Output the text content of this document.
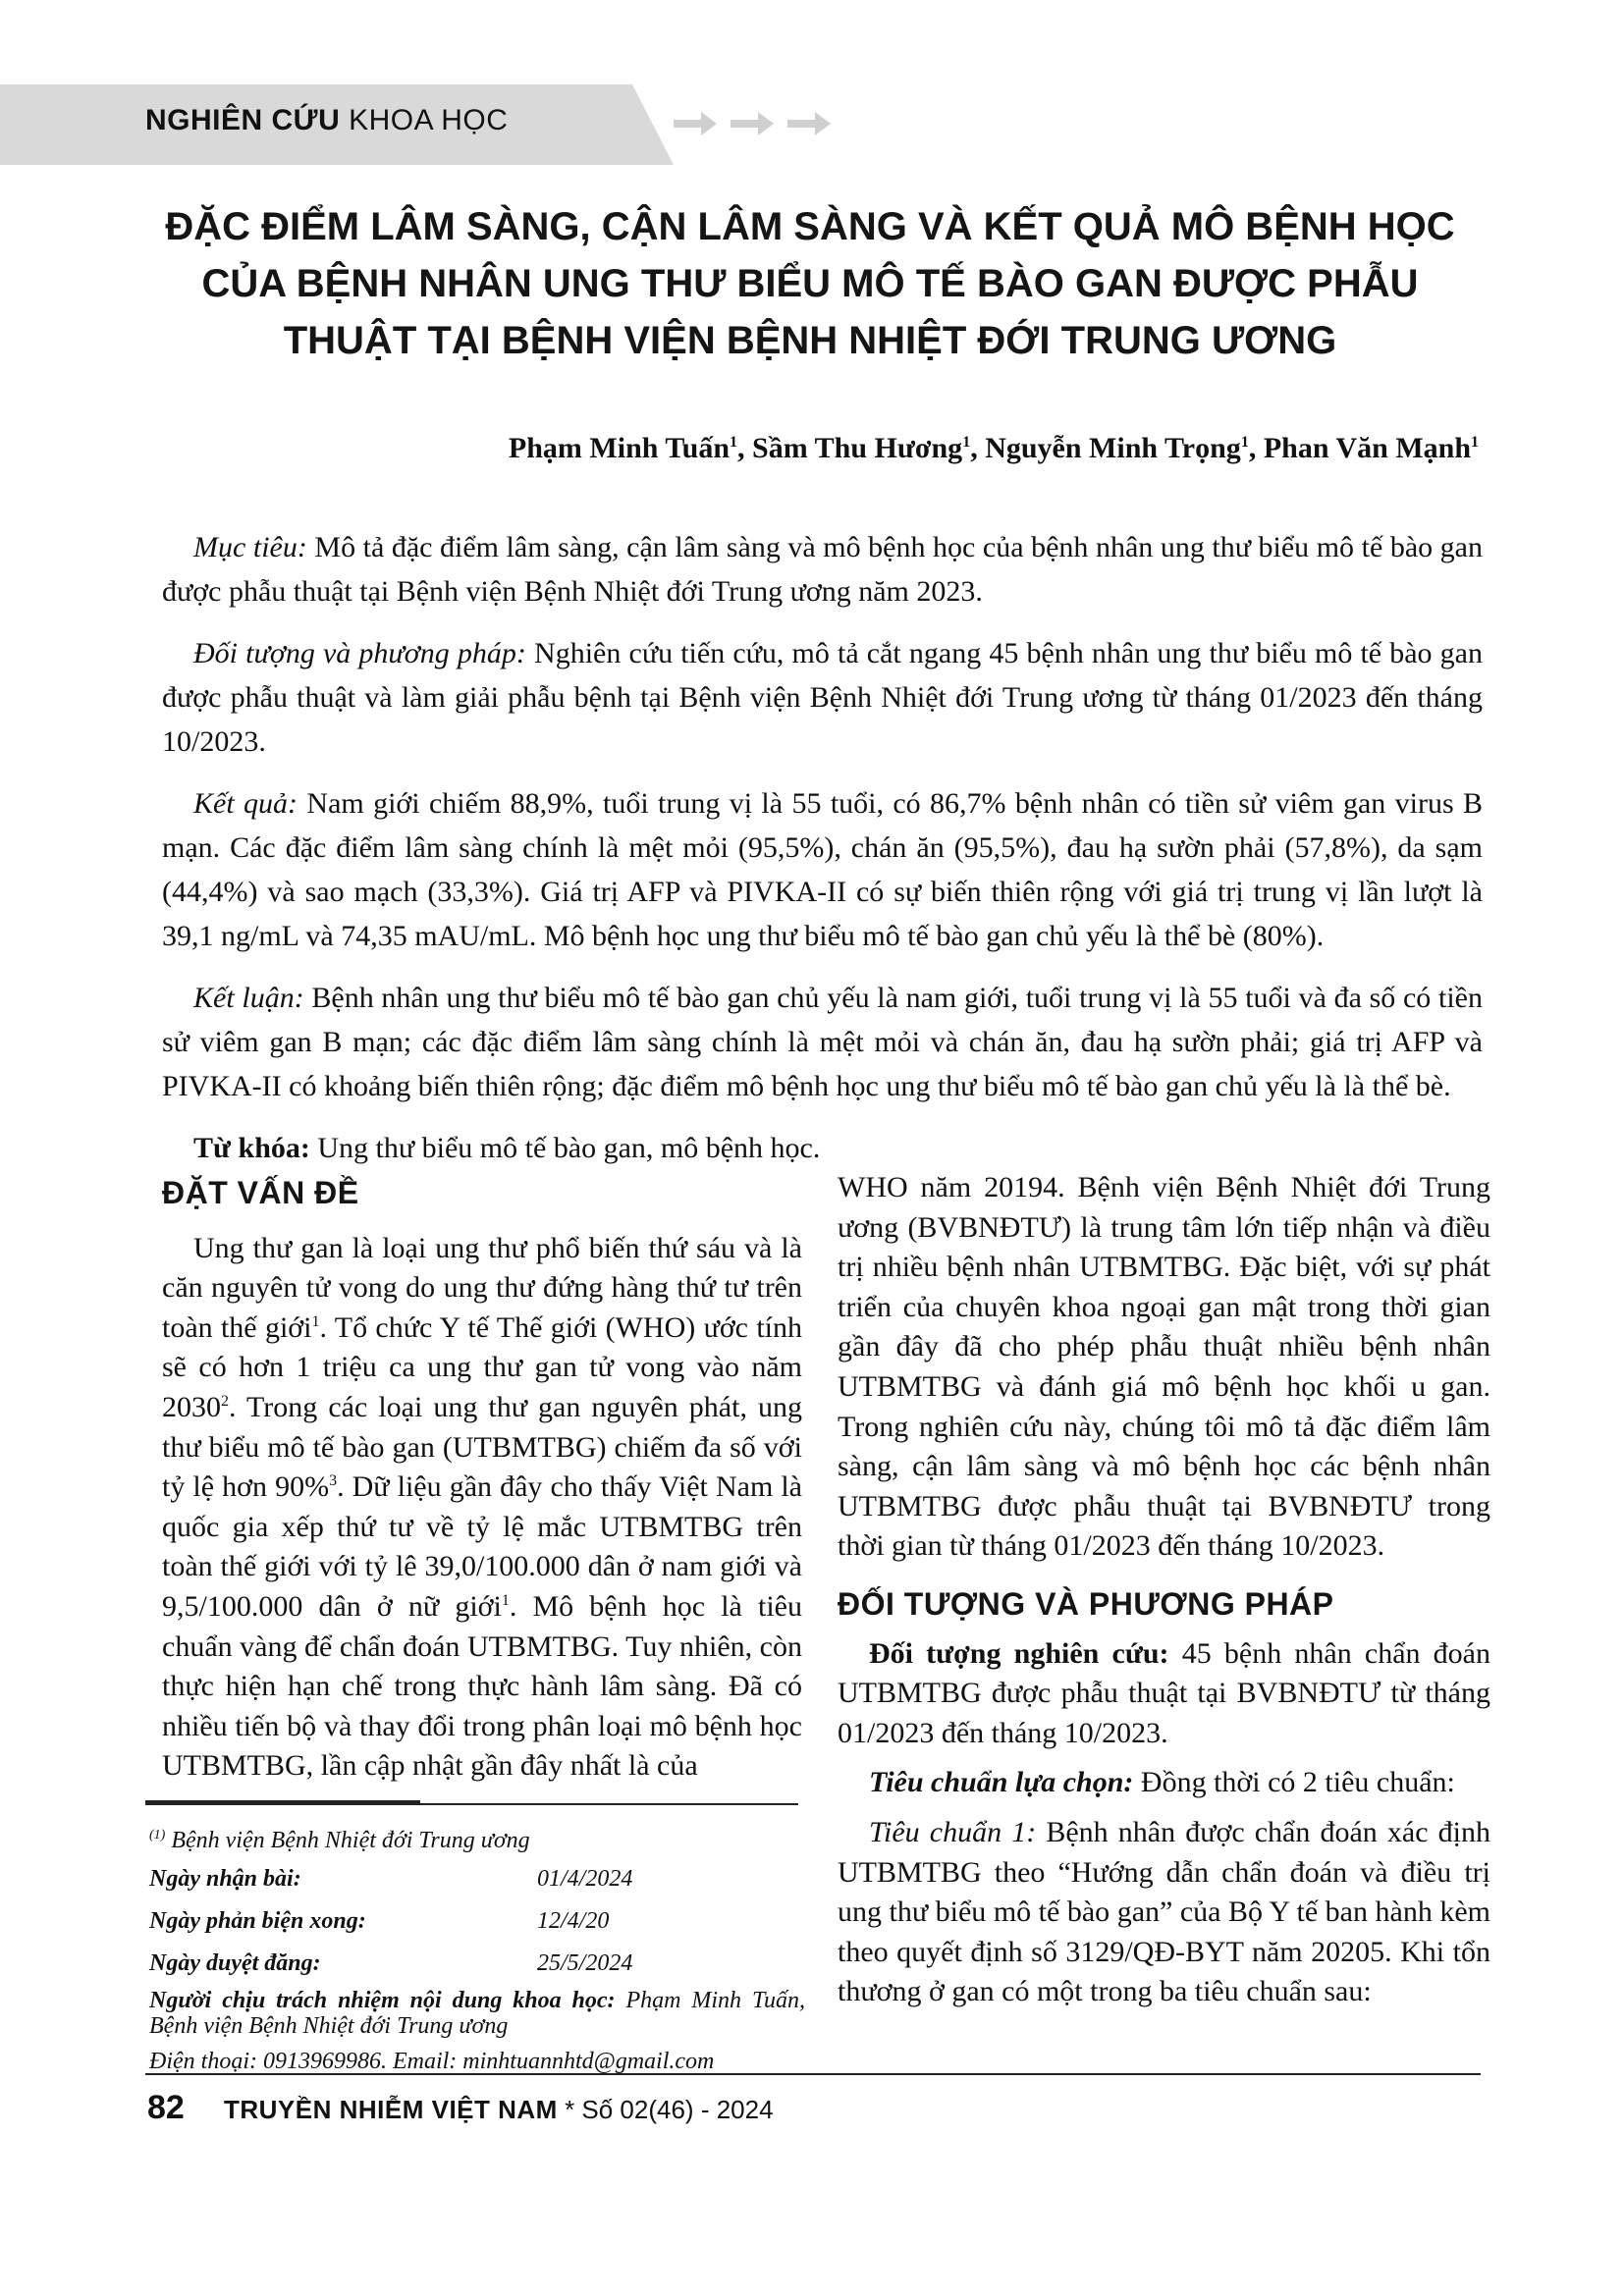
NGHIÊN CỨU KHOA HỌC
ĐẶC ĐIỂM LÂM SÀNG, CẬN LÂM SÀNG VÀ KẾT QUẢ MÔ BỆNH HỌC
CỦA BỆNH NHÂN UNG THƯ BIỂU MÔ TẾ BÀO GAN ĐƯỢC PHẪU
THUẬT TẠI BỆNH VIỆN BỆNH NHIỆT ĐỚI TRUNG ƯƠNG
Phạm Minh Tuấn$^1$, Sầm Thu Hương$^1$, Nguyễn Minh Trọng$^1$, Phan Văn Mạnh$^1$

Mục tiêu: Mô tả đặc điểm lâm sàng, cận lâm sàng và mô bệnh học của bệnh nhân ung thư biểu mô tế bào gan được phẫu thuật tại Bệnh viện Bệnh Nhiệt đới Trung ương năm 2023.

Đối tượng và phương pháp: Nghiên cứu tiến cứu, mô tả cắt ngang 45 bệnh nhân ung thư biểu mô tế bào gan được phẫu thuật và làm giải phẫu bệnh tại Bệnh viện Bệnh Nhiệt đới Trung ương từ tháng 01/2023 đến tháng 10/2023.

Kết quả: Nam giới chiếm 88,9%, tuổi trung vị là 55 tuổi, có 86,7% bệnh nhân có tiền sử viêm gan virus B mạn. Các đặc điểm lâm sàng chính là mệt mỏi (95,5%), chán ăn (95,5%), đau hạ sườn phải (57,8%), da sạm (44,4%) và sao mạch (33,3%). Giá trị AFP và PIVKA-II có sự biến thiên rộng với giá trị trung vị lần lượt là 39,1 ng/mL và 74,35 mAU/mL. Mô bệnh học ung thư biểu mô tế bào gan chủ yếu là thể bè (80%).

Kết luận: Bệnh nhân ung thư biểu mô tế bào gan chủ yếu là nam giới, tuổi trung vị là 55 tuổi và đa số có tiền sử viêm gan B mạn; các đặc điểm lâm sàng chính là mệt mỏi và chán ăn, đau hạ sườn phải; giá trị AFP và PIVKA-II có khoảng biến thiên rộng; đặc điểm mô bệnh học ung thư biểu mô tế bào gan chủ yếu là là thể bè.

Từ khóa: Ung thư biểu mô tế bào gan, mô bệnh học.

ĐẶT VẤN ĐỀ

Ung thư gan là loại ung thư phổ biến thứ sáu và là căn nguyên tử vong do ung thư đứng hàng thứ tư trên toàn thế giới$^1$. Tổ chức Y tế Thế giới (WHO) ước tính sẽ có hơn 1 triệu ca ung thư gan tử vong vào năm 2030$^2$. Trong các loại ung thư gan nguyên phát, ung thư biểu mô tế bào gan (UTBMTBG) chiếm đa số với tỷ lệ hơn 90%$^3$. Dữ liệu gần đây cho thấy Việt Nam là quốc gia xếp thứ tư về tỷ lệ mắc UTBMTBG trên toàn thế giới với tỷ lê 39,0/100.000 dân ở nam giới và 9,5/100.000 dân ở nữ giới$^1$. Mô bệnh học là tiêu chuẩn vàng để chẩn đoán UTBMTBG. Tuy nhiên, còn thực hiện hạn chế trong thực hành lâm sàng. Đã có nhiều tiến bộ và thay đổi trong phân loại mô bệnh học UTBMTBG, lần cập nhật gần đây nhất là của

WHO năm 20194. Bệnh viện Bệnh Nhiệt đới Trung ương (BVBNĐTƯ) là trung tâm lớn tiếp nhận và điều trị nhiều bệnh nhân UTBMTBG. Đặc biệt, với sự phát triển của chuyên khoa ngoại gan mật trong thời gian gần đây đã cho phép phẫu thuật nhiều bệnh nhân UTBMTBG và đánh giá mô bệnh học khối u gan. Trong nghiên cứu này, chúng tôi mô tả đặc điểm lâm sàng, cận lâm sàng và mô bệnh học các bệnh nhân UTBMTBG được phẫu thuật tại BVBNĐTƯ trong thời gian từ tháng 01/2023 đến tháng 10/2023.

ĐỐI TƯỢNG VÀ PHƯƠNG PHÁP

Đối tượng nghiên cứu: 45 bệnh nhân chẩn đoán UTBMTBG được phẫu thuật tại BVBNĐTƯ từ tháng 01/2023 đến tháng 10/2023.

Tiêu chuẩn lựa chọn: Đồng thời có 2 tiêu chuẩn:

Tiêu chuẩn 1: Bệnh nhân được chẩn đoán xác định UTBMTBG theo “Hướng dẫn chẩn đoán và điều trị ung thư biểu mô tế bào gan” của Bộ Y tế ban hành kèm theo quyết định số 3129/QĐ-BYT năm 20205. Khi tổn thương ở gan có một trong ba tiêu chuẩn sau:

$^{(1)}$ Bệnh viện Bệnh Nhiệt đới Trung ương
Ngày nhận bài:	01/4/2024
Ngày phản biện xong:	12/4/20
Ngày duyệt đăng:	25/5/2024
Người chịu trách nhiệm nội dung khoa học: Phạm Minh Tuấn, Bệnh viện Bệnh Nhiệt đới Trung ương
Điện thoại: 0913969986. Email: minhtuannhtd@gmail.com
82 TRUYỀN NHIỄM VIỆT NAM * Số 02(46) - 2024
